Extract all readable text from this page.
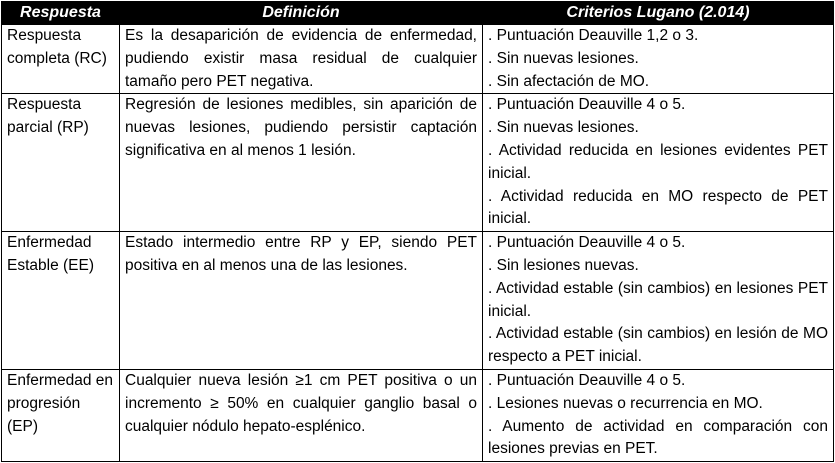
Respuesta	Definición	Criterios Lugano (2.014)
Respuesta completa (RC)	Es la desaparición de evidencia de enfermedad, pudiendo existir masa residual de cualquier tamaño pero PET negativa.	. Puntuación Deauville 1,2 o 3.

. Sin nuevas lesiones.

. Sin afectación de MO.

Respuesta parcial (RP)	Regresión de lesiones medibles, sin aparición de nuevas lesiones, pudiendo persistir captación significativa en al menos 1 lesión.	. Puntuación Deauville 4 o 5.

. Sin nuevas lesiones.

. Actividad reducida en lesiones evidentes PET inicial.

. Actividad reducida en MO respecto de PET inicial.

Enfermedad Estable (EE)	Estado intermedio entre RP y EP, siendo PET positiva en al menos una de las lesiones.	. Puntuación Deauville 4 o 5.

. Sin lesiones nuevas.

. Actividad estable (sin cambios) en lesiones PET inicial.

. Actividad estable (sin cambios) en lesión de MO respecto a PET inicial.

Enfermedad en progresión (EP)	Cualquier nueva lesión ≥1 cm PET positiva o un incremento ≥ 50% en cualquier ganglio basal o cualquier nódulo hepato-esplénico.	. Puntuación Deauville 4 o 5.

. Lesiones nuevas o recurrencia en MO.

. Aumento de actividad en comparación con lesiones previas en PET.
